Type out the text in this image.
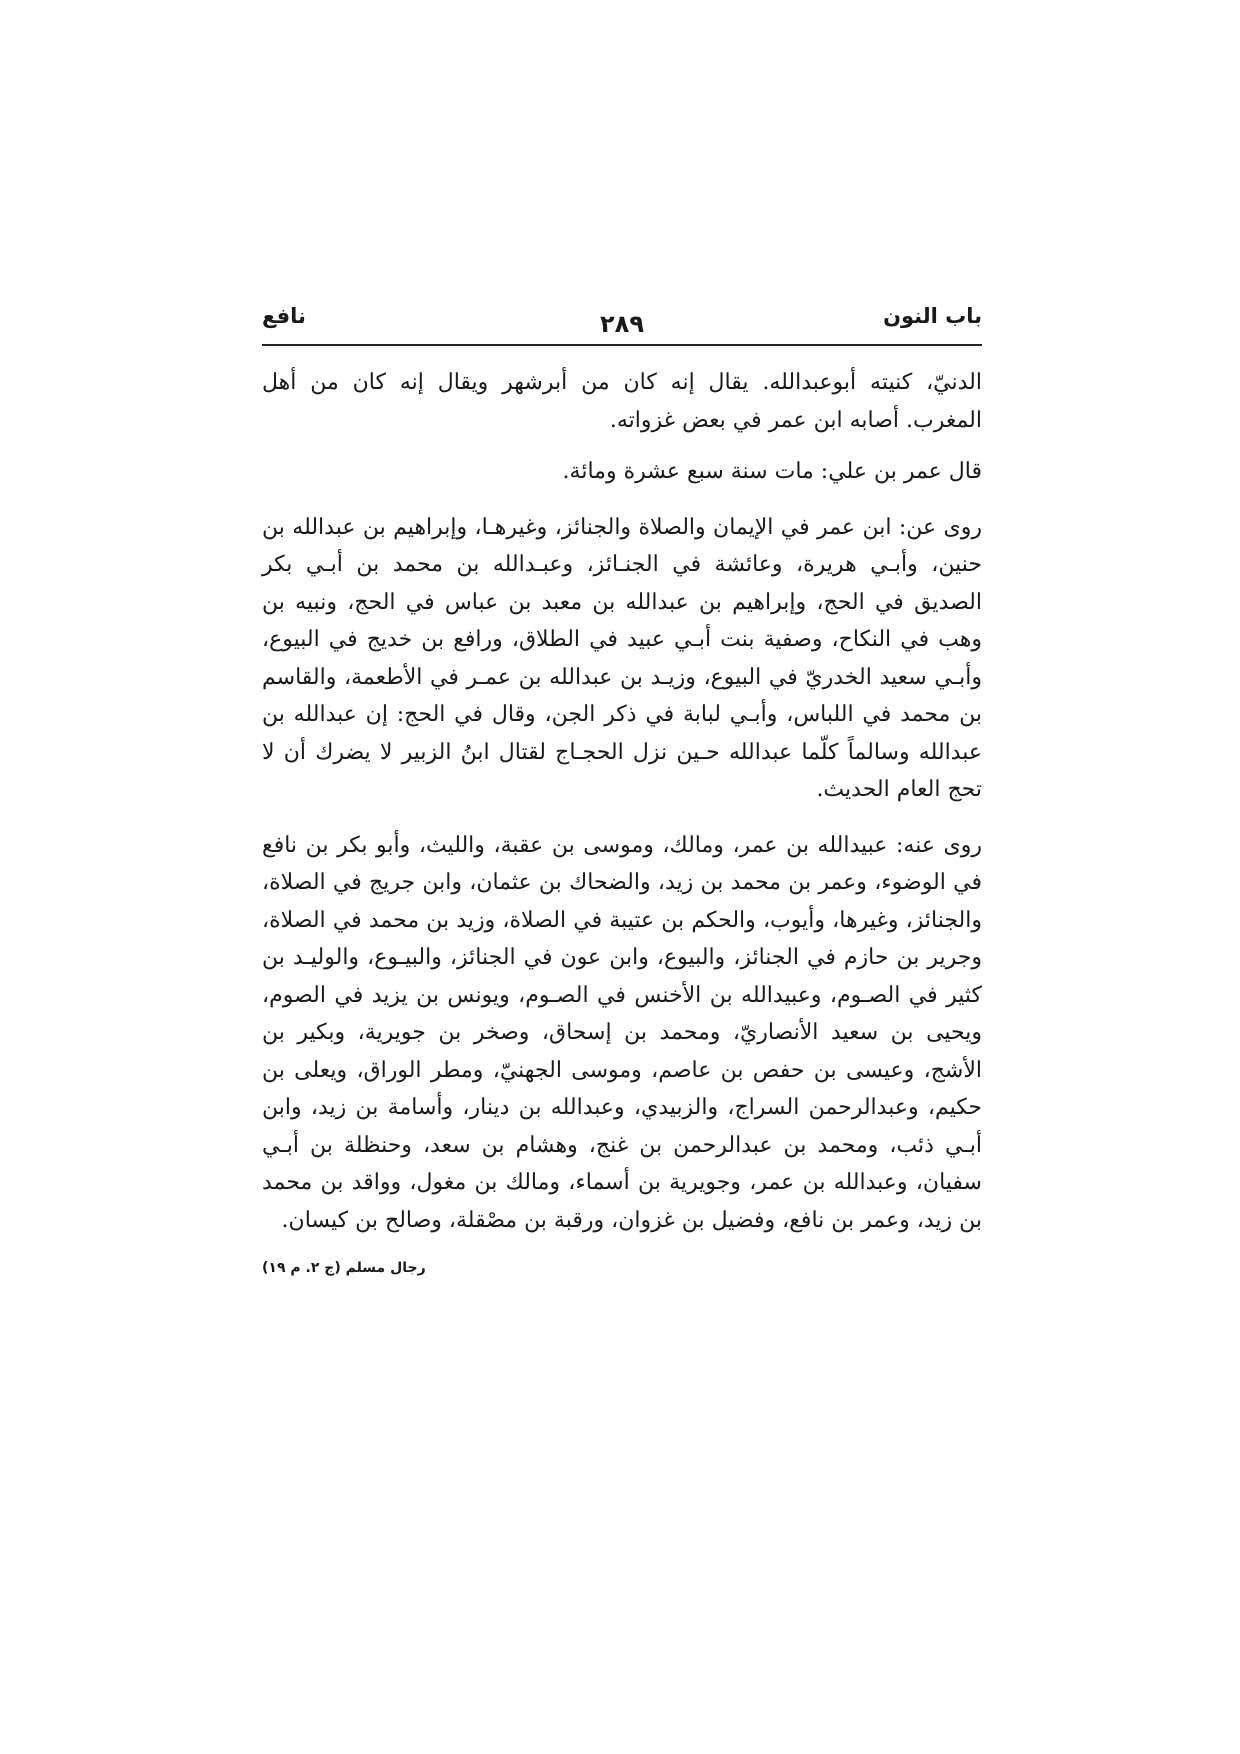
باب النون
٢٨٩
نافع

الدنيّ، كنيته أبوعبدالله. يقال إنه كان من أبرشهر ويقال إنه كان من أهل المغرب. أصابه ابن عمر في بعض غزواته.

قال عمر بن علي: مات سنة سبع عشرة ومائة.

روى عن: ابن عمر في الإيمان والصلاة والجنائز، وغيرهـا، وإبراهيم بن عبدالله بن حنين، وأبـي هريرة، وعائشة في الجنـائز، وعبـدالله بن محمد بن أبـي بكر الصديق في الحج، وإبراهيم بن عبدالله بن معبد بن عباس في الحج، ونبيه بن وهب في النكاح، وصفية بنت أبـي عبيد في الطلاق، ورافع بن خديج في البيوع، وأبـي سعيد الخدريّ في البيوع، وزيـد بن عبدالله بن عمـر في الأطعمة، والقاسم بن محمد في اللباس، وأبـي لبابة في ذكر الجن، وقال في الحج: إن عبدالله بن عبدالله وسالماً كلّما عبدالله حـين نزل الحجـاج لقتال ابنُ الزبير لا يضرك أن لا تحج العام الحديث.

روى عنه: عبيدالله بن عمر، ومالك، وموسى بن عقبة، والليث، وأبو بكر بن نافع في الوضوء، وعمر بن محمد بن زيد، والضحاك بن عثمان، وابن جريج في الصلاة، والجنائز، وغيرها، وأيوب، والحكم بن عتيبة في الصلاة، وزيد بن محمد في الصلاة، وجرير بن حازم في الجنائز، والبيوع، وابن عون في الجنائز، والبيـوع، والوليـد بن كثير في الصـوم، وعبيدالله بن الأخنس في الصـوم، ويونس بن يزيد في الصوم، ويحيى بن سعيد الأنصاريّ، ومحمد بن إسحاق، وصخر بن جويرية، وبكير بن الأشج، وعيسى بن حفص بن عاصم، وموسى الجهنيّ، ومطر الوراق، ويعلى بن حكيم، وعبدالرحمن السراج، والزبيدي، وعبدالله بن دينار، وأسامة بن زيد، وابن أبـي ذئب، ومحمد بن عبدالرحمن بن غنج، وهشام بن سعد، وحنظلة بن أبـي سفيان، وعبدالله بن عمر، وجويرية بن أسماء، ومالك بن مغول، وواقد بن محمد بن زيد، وعمر بن نافع، وفضيل بن غزوان، ورقبة بن مصْقلة، وصالح بن كيسان.

رجال مسلم (ج ٢. م ١٩)
